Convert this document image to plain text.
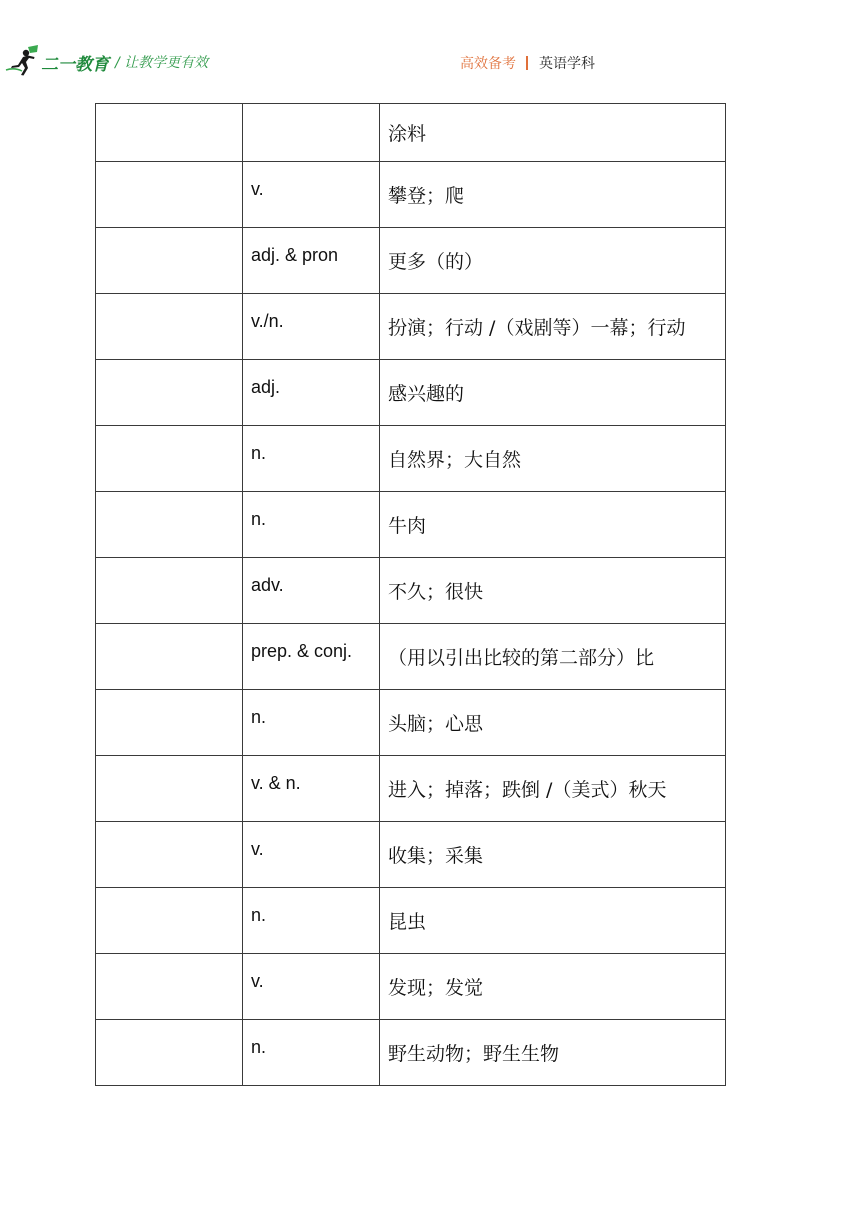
二一教育 / 让教学更有效	高效备考 英语学科

		涂料

	v.	攀登；爬

	adj. & pron	更多（的）

	v./n.	扮演；行动 /（戏剧等）一幕；行动

	adj.	感兴趣的

	n.	自然界；大自然

	n.	牛肉

	adv.	不久；很快

	prep. & conj.	（用以引出比较的第二部分）比

	n.	头脑；心思

	v. & n.	进入；掉落；跌倒 /（美式）秋天

	v.	收集；采集

	n.	昆虫

	v.	发现；发觉

	n.	野生动物；野生生物
